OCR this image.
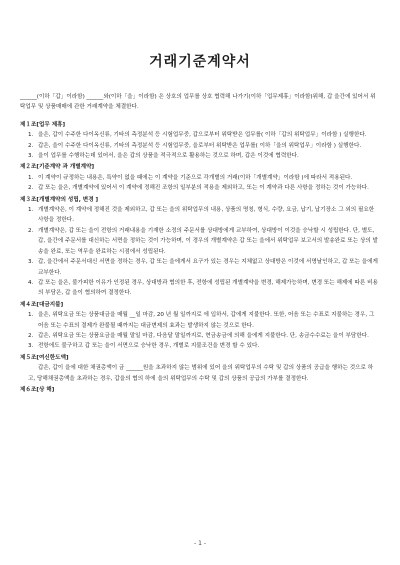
거래기준계약서

______(이하「갑」이라함) ______와(이하「을」이라함) 은 상호의 업무를 상호 협력해 나가기(이하「업무제휴」이라함)위해, 갑 을간에 있어서 위탁업무 및 상품매매에 관한 거래계약을 체결한다.

제１조[업무 제휴]

1. 을은, 갑이 수주한 다이옥신류, 기타의 측정분석 등 시험업무중, 갑으로부터 위탁받은 업무를( 이하「갑의 위탁업무」이라함 ) 실행한다.
2. 갑은, 을이 수주한 다이옥신류, 기타의 측정분석 등 시험업무중, 을로부터 위탁받은 업무를( 이하「을의 위탁업무」이라함 ) 실행한다.
3. 을이 업무를 수행하는데 있어서, 을은 갑의 상품을 적극적으로 활용하는 것으로 하며, 갑은 이것에 협력한다.

제２조[기준계약 과 개별계약]

1. 이 계약이 규정하는 내용은, 특약이 없을 때에는 이 계약을 기준으로 각개별의 거래(이하「개별계약」이라함 )에 따라서 적용된다.
2. 갑 또는 을은, 개별계약에 있어서 이 계약에 정해진 조항의 일부분의 적용을 제외하고, 또는 이 계약과 다른 사항을 정하는 것이 가능하다.

제３조[개별계약의 성립, 변경 ]

1. 개별계약은, 이 계약에 정해진 것을 제외하고, 갑 또는 을의 위탁업무의 내용, 상품의 명칭, 형식, 수량, 요금, 납기, 납기장소 그 외의 필요한 사항을 정한다.
2. 개별계약은, 갑 또는 을이 전항의 거래내용을 기재한 소정의 주문서를 상대방에게 교부하여, 상대방이 이것을 승낙할 시 성립한다. 단, 별도, 갑, 을간에 주문서를 대신하는 서면을 정하는 것이 가능하며, 이 경우의 개별계약은 갑 또는 을에서 위탁업무 보고서의 발송완료 또는 상의 발송을 완료, 또는 역무을 완료하는 시점에서 성립된다.
3. 갑, 을간에서 주문서대신 서면을 정하는 경우, 갑 또는 을에게서 요구가 있는 경우는 지체없고 상대방은 이것에 서명날인하고, 갑 또는 을에게 교부한다.
4. 갑 또는 을은, 불가피한 이유가 인정된 경우, 상대방과 협의한 후, 전항에 성립된 개별계약을 변경, 해제가능하며, 변경 또는 해제에 따른 비용의 부담은, 갑 을이 협의하여 결정한다.

제４조[대금지불]

1. 을은, 위탁요금 또는 상품대금을 매월 __일 마감, 20 년 월 일까지로 에 입하서, 갑에게 지불한다. 또한, 어음 또는 수표로 지불하는 경우, 그 어음 또는 수표의 결제가 완불될 때까지는 대금변제의 효과는 발생하지 않는 것으로 한다.
2. 갑은, 위탁요금 또는 상품요금을 매월 말일 마감, 다음달 말일까지로, 현금송금에 의해 을에게 지불한다. 단, 송금수수료는 을이 부담한다.
3. 전항에도 불구하고 갑 또는 을이 서면으로 승낙한 경우, 개별로 지불조건을 변경 할 수 있다.

제５조[여신한도액]

갑은, 갑이 을에 대한 채권총액이 금 ______원을 초과하지 않는 범위에 있어 을의 위탁업무의 수탁 및 갑의 상품의 공급을 행하는 것으로 하고, 당해채권총액을 초과하는 경우, 갑을의 협의 하에 을의 위탁업무의 수탁 및 갑의 상품의 공급의 가부를 결정한다.

제６조[상 해]

- 1 -
